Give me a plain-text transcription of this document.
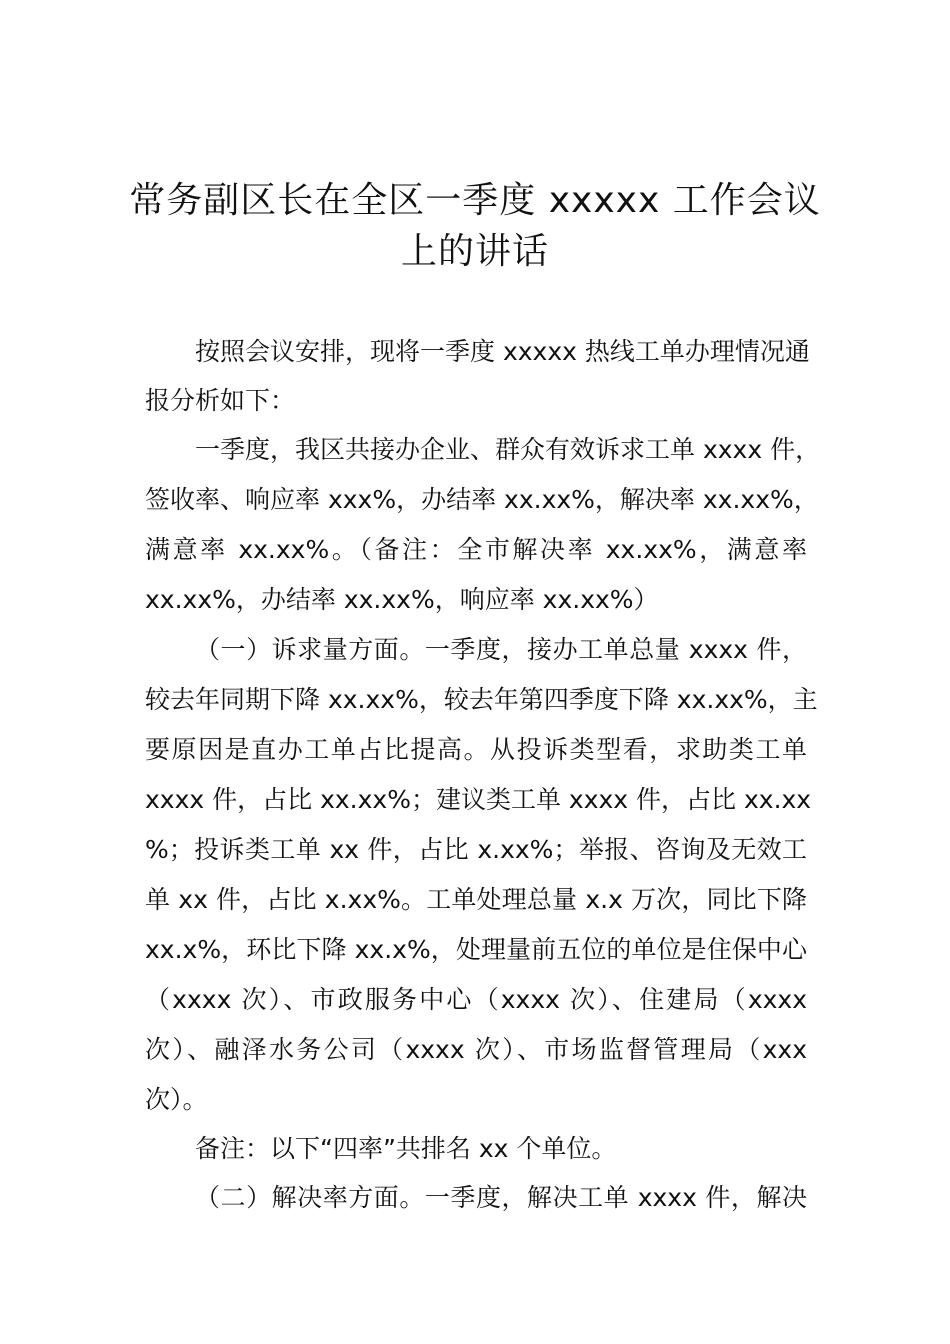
常务副区长在全区一季度 xxxxx 工作会议
上的讲话
按照会议安排，现将一季度 xxxxx 热线工单办理情况通
报分析如下：
一季度，我区共接办企业、群众有效诉求工单 xxxx 件，
签收率、响应率 xxx%，办结率 xx.xx%，解决率 xx.xx%，
满意率 xx.xx%。（备注：全市解决率 xx.xx%，满意率
xx.xx%，办结率 xx.xx%，响应率 xx.xx%）
（一）诉求量方面。一季度，接办工单总量 xxxx 件，
较去年同期下降 xx.xx%，较去年第四季度下降 xx.xx%，主
要原因是直办工单占比提高。从投诉类型看，求助类工单
xxxx 件，占比 xx.xx%；建议类工单 xxxx 件，占比 xx.xx
%；投诉类工单 xx 件，占比 x.xx%；举报、咨询及无效工
单 xx 件，占比 x.xx%。工单处理总量 x.x 万次，同比下降
xx.x%，环比下降 xx.x%，处理量前五位的单位是住保中心
（xxxx 次）、市政服务中心（xxxx 次）、住建局（xxxx
次）、融泽水务公司（xxxx 次）、市场监督管理局（xxx
次）。
备注：以下“四率”共排名 xx 个单位。
（二）解决率方面。一季度，解决工单 xxxx 件，解决
